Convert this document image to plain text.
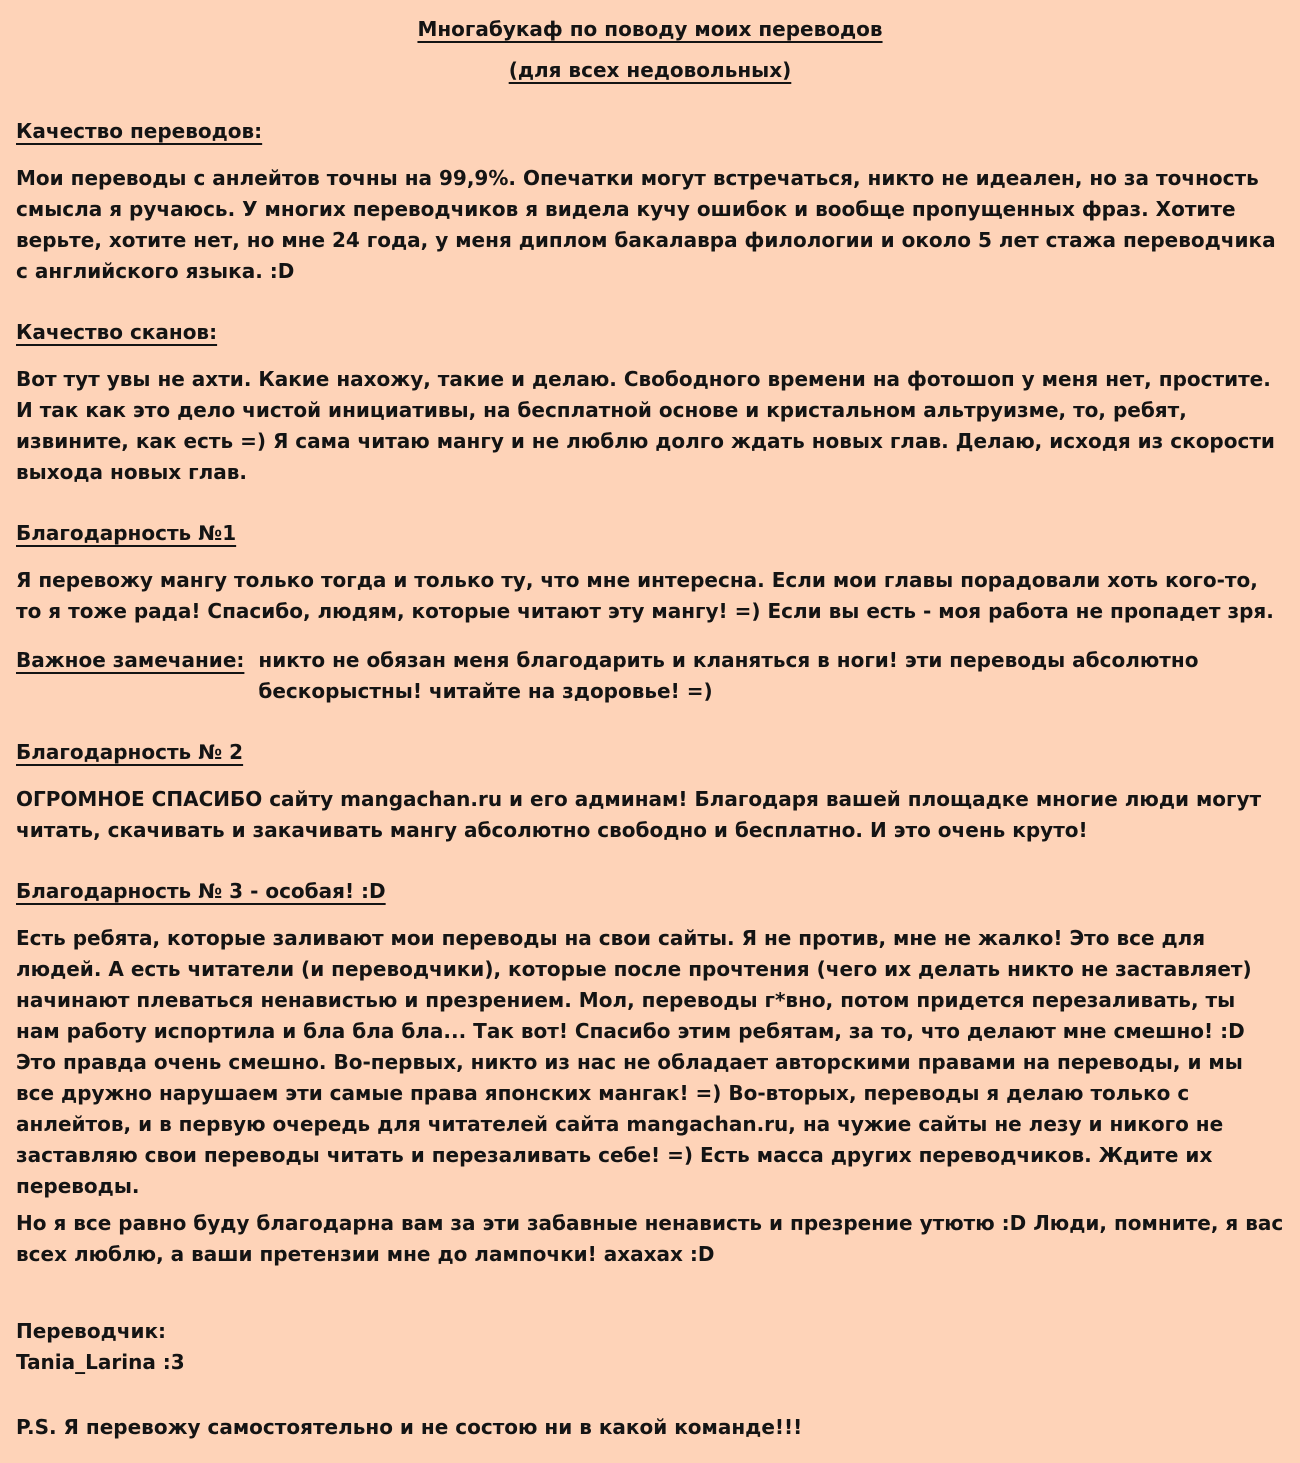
Многабукаф по поводу моих переводов
(для всех недовольных)
Качество переводов:

Мои переводы с анлейтов точны на 99,9%. Опечатки могут встречаться, никто не идеален, но за точность смысла я ручаюсь. У многих переводчиков я видела кучу ошибок и вообще пропущенных фраз. Хотите верьте, хотите нет, но мне 24 года, у меня диплом бакалавра филологии и около 5 лет стажа переводчика с английского языка. :D

Качество сканов:

Вот тут увы не ахти. Какие нахожу, такие и делаю. Свободного времени на фотошоп у меня нет, простите. И так как это дело чистой инициативы, на бесплатной основе и кристальном альтруизме, то, ребят, извините, как есть =) Я сама читаю мангу и не люблю долго ждать новых глав. Делаю, исходя из скорости выхода новых глав.

Благодарность №1

Я перевожу мангу только тогда и только ту, что мне интересна. Если мои главы порадовали хоть кого-то, то я тоже рада! Спасибо, людям, которые читают эту мангу! =) Если вы есть - моя работа не пропадет зря.

Важное замечание: никто не обязан меня благодарить и кланяться в ноги! эти переводы абсолютно бескорыстны! читайте на здоровье! =)
Благодарность № 2

ОГРОМНОЕ СПАСИБО сайту mangachan.ru и его админам! Благодаря вашей площадке многие люди могут читать, скачивать и закачивать мангу абсолютно свободно и бесплатно. И это очень круто!

Благодарность № 3 - особая! :D

Есть ребята, которые заливают мои переводы на свои сайты. Я не против, мне не жалко! Это все для людей. А есть читатели (и переводчики), которые после прочтения (чего их делать никто не заставляет) начинают плеваться ненавистью и презрением. Мол, переводы г*вно, потом придется перезаливать, ты нам работу испортила и бла бла бла... Так вот! Спасибо этим ребятам, за то, что делают мне смешно! :D Это правда очень смешно. Во-первых, никто из нас не обладает авторскими правами на переводы, и мы все дружно нарушаем эти самые права японских мангак! =) Во-вторых, переводы я делаю только с анлейтов, и в первую очередь для читателей сайта mangachan.ru, на чужие сайты не лезу и никого не заставляю свои переводы читать и перезаливать себе! =) Есть масса других переводчиков. Ждите их переводы.

Но я все равно буду благодарна вам за эти забавные ненависть и презрение утютю :D Люди, помните, я вас всех люблю, а ваши претензии мне до лампочки! ахахах :D

Переводчик:
Tania_Larina :3

P.S. Я перевожу самостоятельно и не состою ни в какой команде!!!
